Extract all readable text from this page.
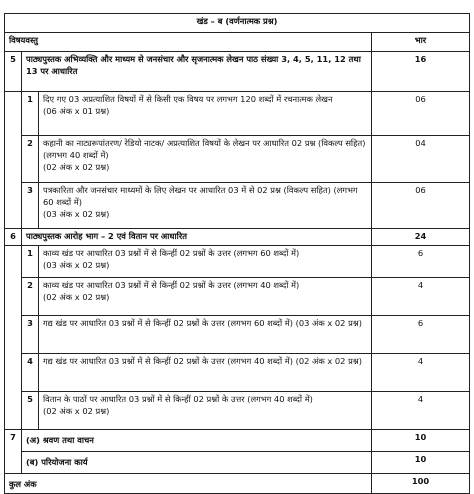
खंड – ब (वर्णनात्मक प्रश्न)			
विषयवस्तु			भार
5	पाठ्यपुस्तक अभिव्यक्ति और माध्यम से जनसंचार और सृजनात्मक लेखन पाठ संख्या 3, 4, 5, 11, 12 तथा 13 पर आधारित		16
	1	दिए गए 03 अप्रत्याशित विषयों में से किसी एक विषय पर लगभग 120 शब्दों में रचनात्मक लेखन
(06 अंक x 01 प्रश्न)	06
	2	कहानी का नाट्यरूपांतरण/ रेडियो नाटक/ अप्रत्याशित विषयों के लेखन पर आधारित 02 प्रश्न (विकल्प सहित) (लगभग 40 शब्दों में)
(02 अंक x 02 प्रश्न)	04
	3	पत्रकारिता और जनसंचार माध्यमों के लिए लेखन पर आधारित 03 में से 02 प्रश्न (विकल्प सहित) (लगभग 60 शब्दों में)
(03 अंक x 02 प्रश्न)	06
6	पाठ्यपुस्तक आरोह भाग – 2 एवं वितान पर आधारित		24
	1	काव्य खंड पर आधारित 03 प्रश्नों में से किन्हीं 02 प्रश्नों के उत्तर (लगभग 60 शब्दों में)
(03 अंक x 02 प्रश्न)	6
	2	काव्य खंड पर आधारित 03 प्रश्नों में से किन्हीं 02 प्रश्नों के उत्तर (लगभग 40 शब्दों में)
(02 अंक x 02 प्रश्न)	4
	3	गद्य खंड पर आधारित 03 प्रश्नों में से किन्हीं 02 प्रश्नों के उत्तर (लगभग 60 शब्दों में) (03 अंक x 02 प्रश्न)	6
	4	गद्य खंड पर आधारित 03 प्रश्नों में से किन्हीं 02 प्रश्नों के उत्तर (लगभग 40 शब्दों में) (02 अंक x 02 प्रश्न)	4
	5	वितान के पाठों पर आधारित 03 प्रश्नों में से किन्हीं 02 प्रश्नों के उत्तर (लगभग 40 शब्दों में)
(02 अंक x 02 प्रश्न)	4
7	(अ) श्रवण तथा वाचन		10
	(ब) परियोजना कार्य		10
कुल अंक			100
